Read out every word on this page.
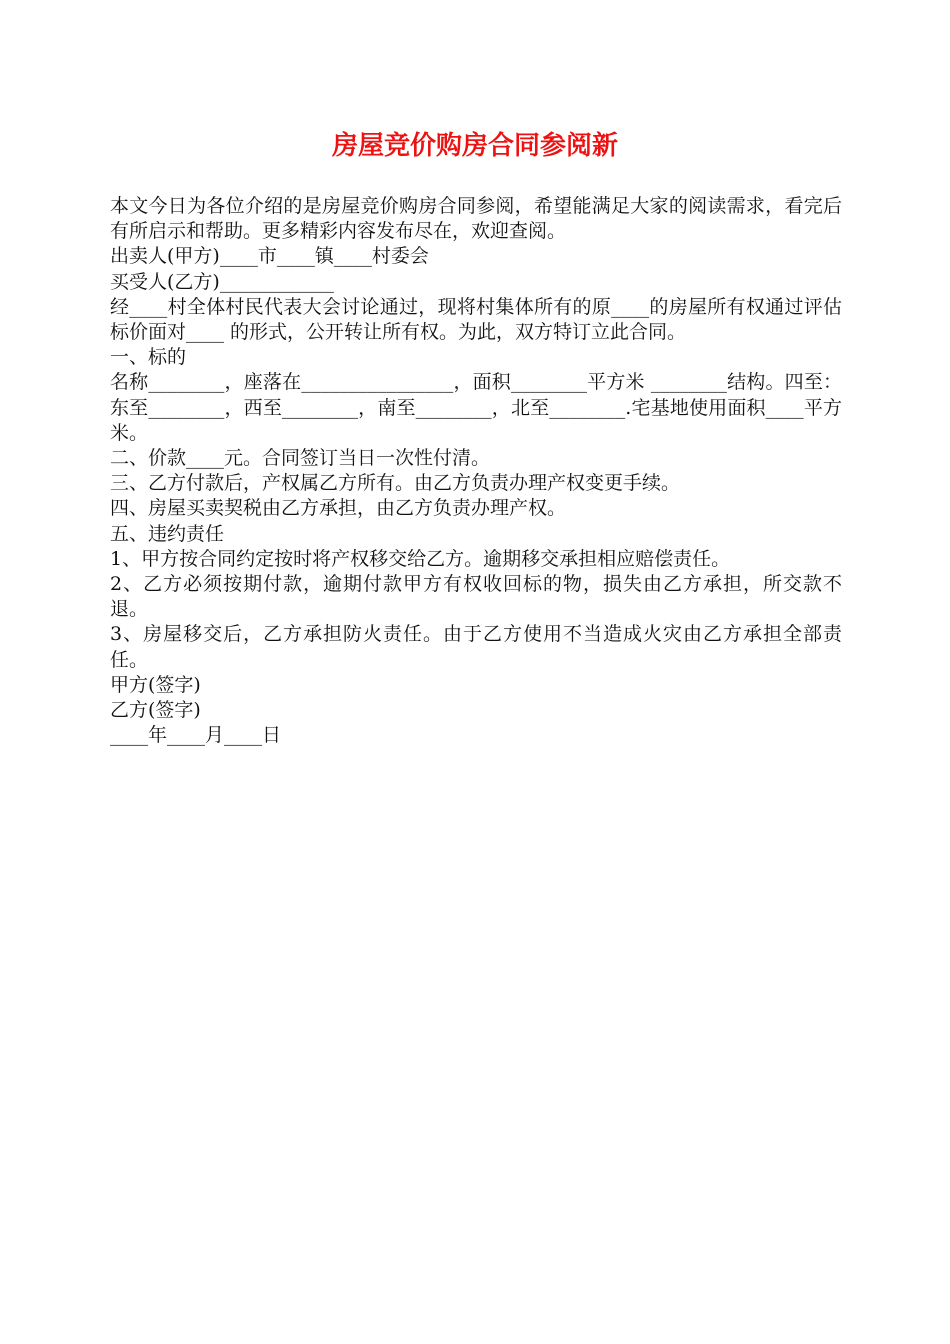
房屋竞价购房合同参阅新

本文今日为各位介绍的是房屋竞价购房合同参阅，希望能满足大家的阅读需求，看完后有所启示和帮助。更多精彩内容发布尽在，欢迎查阅。

出卖人(甲方)____市____镇____村委会

买受人(乙方)____________

经____村全体村民代表大会讨论通过，现将村集体所有的原____的房屋所有权通过评估标价面对____ 的形式，公开转让所有权。为此，双方特订立此合同。

一、标的

名称________，座落在________________，面积________平方米 ________结构。四至：东至________，西至________，南至________，北至________.宅基地使用面积____平方米。

二、价款____元。合同签订当日一次性付清。

三、乙方付款后，产权属乙方所有。由乙方负责办理产权变更手续。

四、房屋买卖契税由乙方承担，由乙方负责办理产权。

五、违约责任

1、甲方按合同约定按时将产权移交给乙方。逾期移交承担相应赔偿责任。

2、乙方必须按期付款，逾期付款甲方有权收回标的物，损失由乙方承担，所交款不退。

3、房屋移交后，乙方承担防火责任。由于乙方使用不当造成火灾由乙方承担全部责任。

甲方(签字)

乙方(签字)

____年____月____日
